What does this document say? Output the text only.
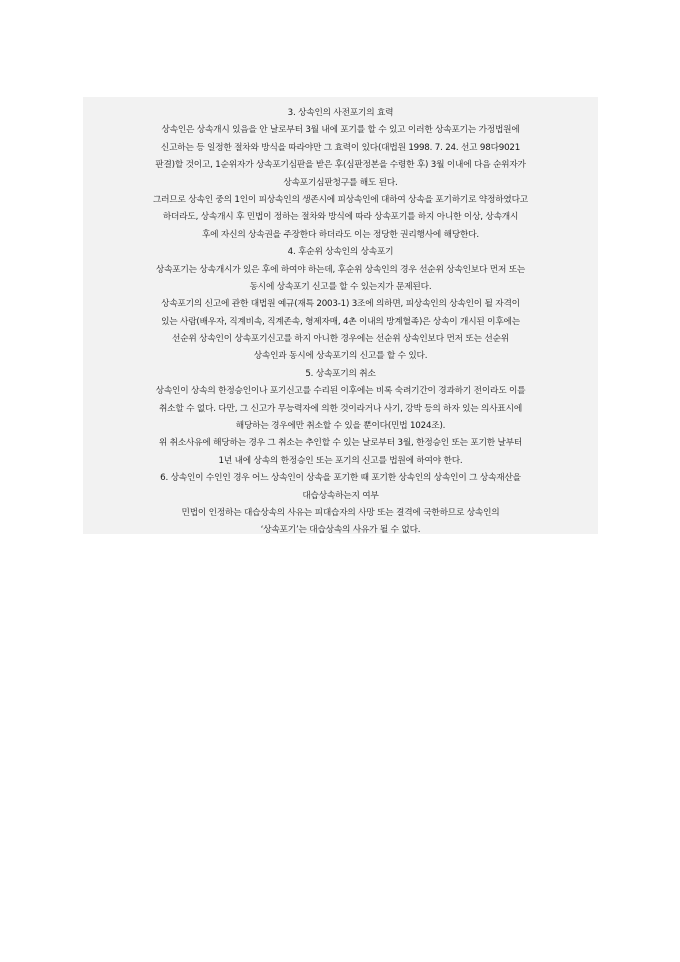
3. 상속인의 사전포기의 효력
상속인은 상속개시 있음을 안 날로부터 3월 내에 포기를 할 수 있고 이러한 상속포기는 가정법원에
신고하는 등 일정한 절차와 방식을 따라야만 그 효력이 있다(대법원 1998. 7. 24. 선고 98다9021
판결)할 것이고, 1순위자가 상속포기심판을 받은 후(심판정본을 수령한 후) 3월 이내에 다음 순위자가
상속포기심판청구를 해도 된다.
그러므로 상속인 중의 1인이 피상속인의 생존시에 피상속인에 대하여 상속을 포기하기로 약정하였다고
하더라도, 상속개시 후 민법이 정하는 절차와 방식에 따라 상속포기를 하지 아니한 이상, 상속개시
후에 자신의 상속권을 주장한다 하더라도 이는 정당한 권리행사에 해당한다.
4. 후순위 상속인의 상속포기
상속포기는 상속개시가 있은 후에 하여야 하는데, 후순위 상속인의 경우 선순위 상속인보다 먼저 또는
동시에 상속포기 신고를 할 수 있는지가 문제된다.
상속포기의 신고에 관한 대법원 예규(재특 2003-1) 3조에 의하면, 피상속인의 상속인이 될 자격이
있는 사람(배우자, 직계비속, 직계존속, 형제자매, 4촌 이내의 방계혈족)은 상속이 개시된 이후에는
선순위 상속인이 상속포기신고를 하지 아니한 경우에는 선순위 상속인보다 먼저 또는 선순위
상속인과 동시에 상속포기의 신고를 할 수 있다.
5. 상속포기의 취소
상속인이 상속의 한정승인이나 포기신고를 수리된 이후에는 비록 숙려기간이 경과하기 전이라도 이를
취소할 수 없다. 다만, 그 신고가 무능력자에 의한 것이라거나 사기, 강박 등의 하자 있는 의사표시에
해당하는 경우에만 취소할 수 있을 뿐이다(민법 1024조).
위 취소사유에 해당하는 경우 그 취소는 추인할 수 있는 날로부터 3월, 한정승인 또는 포기한 날부터
1년 내에 상속의 한정승인 또는 포기의 신고를 법원에 하여야 한다.
6. 상속인이 수인인 경우 어느 상속인이 상속을 포기한 때 포기한 상속인의 상속인이 그 상속재산을
대습상속하는지 여부
민법이 인정하는 대습상속의 사유는 피대습자의 사망 또는 결격에 국한하므로 상속인의
‘상속포기’는 대습상속의 사유가 될 수 없다.
